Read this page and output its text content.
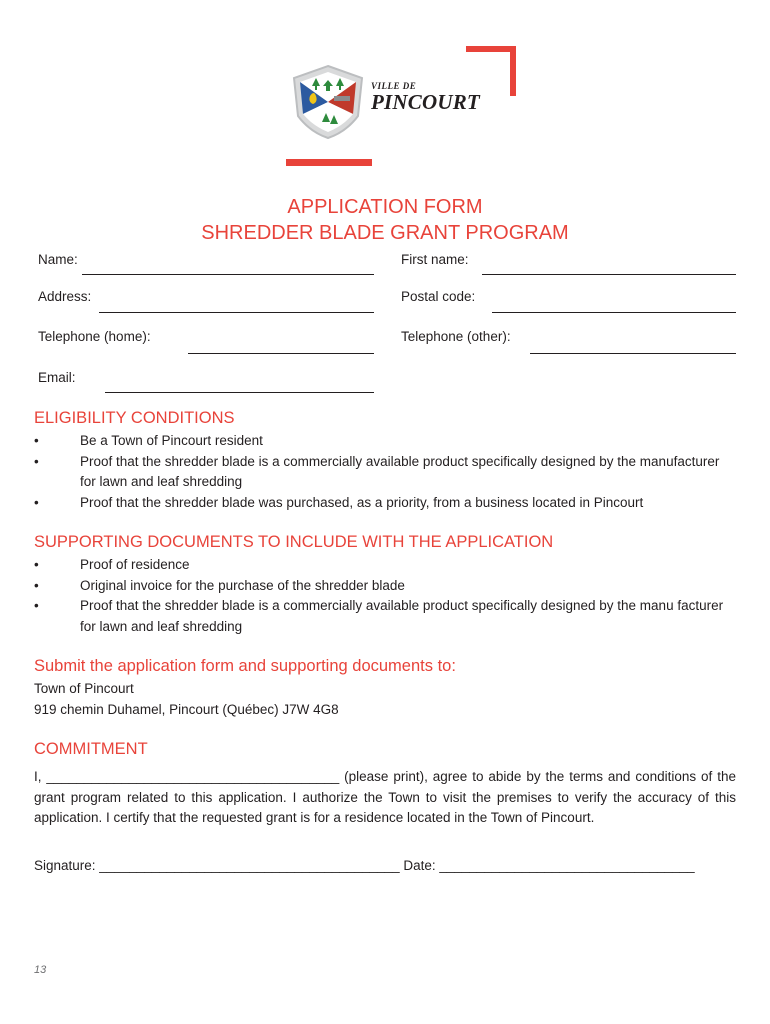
VILLE DE
PINCOURT
APPLICATION FORM
SHREDDER BLADE GRANT PROGRAM
Name:	First name:
Address:	Postal code:
Telephone (home):	Telephone (other):
Email:
ELIGIBILITY CONDITIONS
•	Be a Town of Pincourt resident
•	Proof that the shredder blade is a commercially available product specifically designed by the manufacturer for lawn and leaf shredding
•	Proof that the shredder blade was purchased, as a priority, from a business located in Pincourt
SUPPORTING DOCUMENTS TO INCLUDE WITH THE APPLICATION
•	Proof of residence
•	Original invoice for the purchase of the shredder blade
•	Proof that the shredder blade is a commercially available product specifically designed by the manu facturer for lawn and leaf shredding
Submit the application form and supporting documents to:
Town of Pincourt
919 chemin Duhamel, Pincourt (Québec) J7W 4G8
COMMITMENT
I, _______________________________________ (please print), agree to abide by the terms and conditions of the grant program related to this application. I authorize the Town to visit the premises to verify the accuracy of this application. I certify that the requested grant is for a residence located in the Town of Pincourt.
Signature: ________________________________________ Date: __________________________________
13
